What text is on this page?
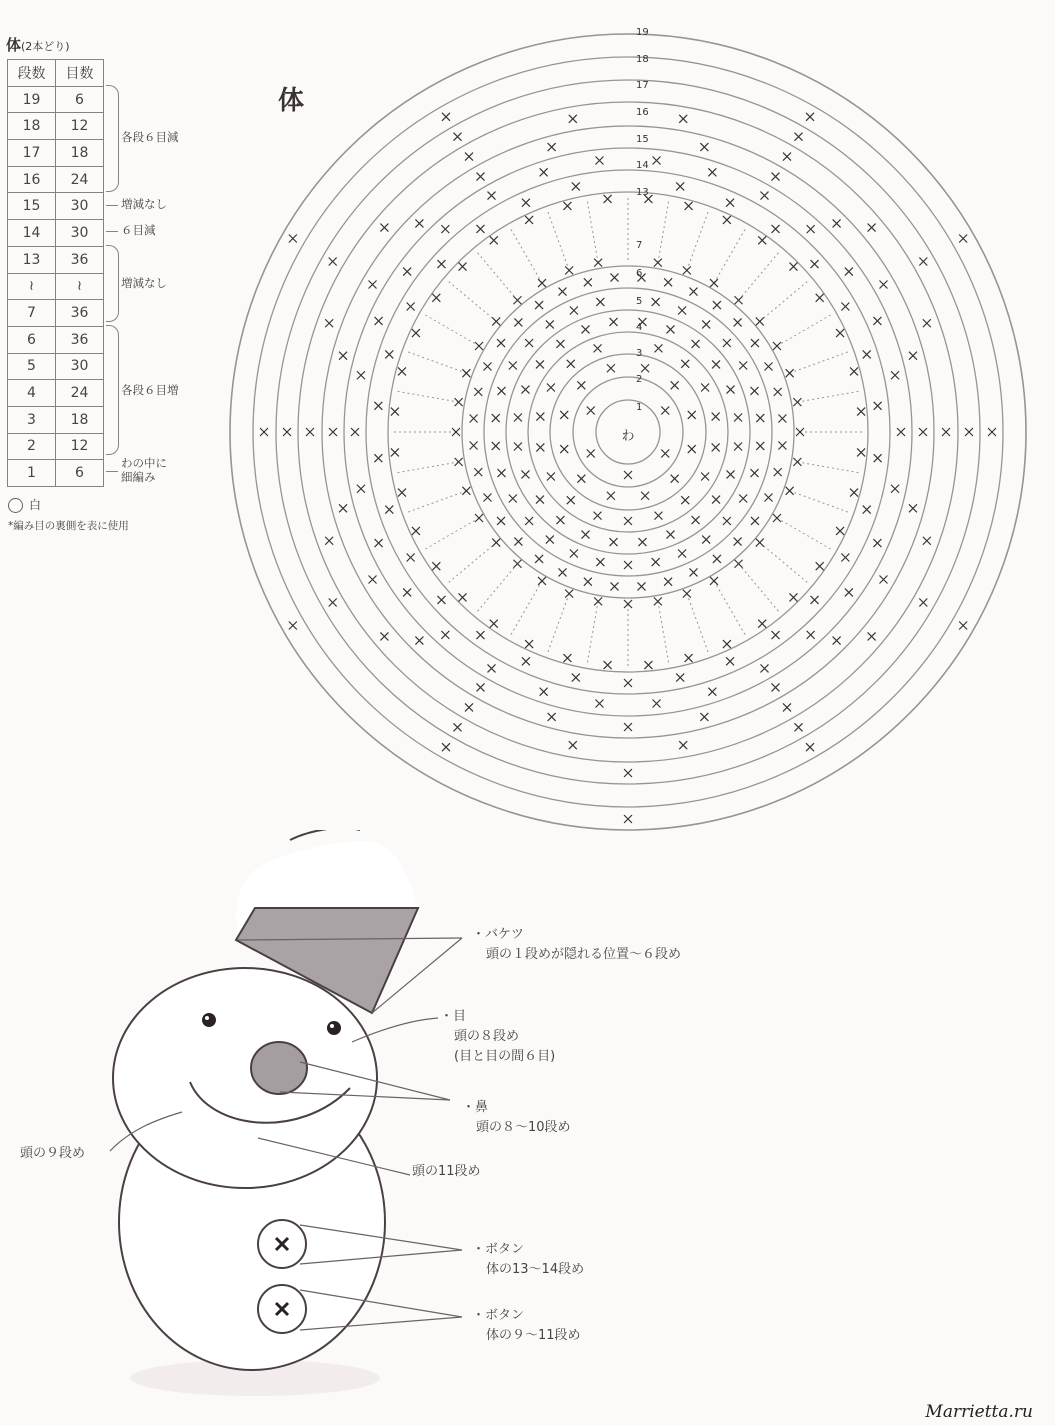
体(2本どり)
段数	目数
19	6
18	12
17	18
16	24
15	30
14	30
13	36
≀	≀
7	36
6	36
5	30
4	24
3	18
2	12
1	6
各段６目減
増減なし
６目減
増減なし
各段６目増
わの中に
細編み
白
*編み目の裏側を表に使用
体
1
2
3
4
5
6
7
13
14
15
16
17
18
19
わ
・バケツ
頭の１段めが隠れる位置～６段め
・目
頭の８段め
(目と目の間６目)
・鼻
頭の８～10段め
頭の９段め
頭の11段め
・ボタン
体の13～14段め
・ボタン
体の９～11段め
Marrietta.ru
